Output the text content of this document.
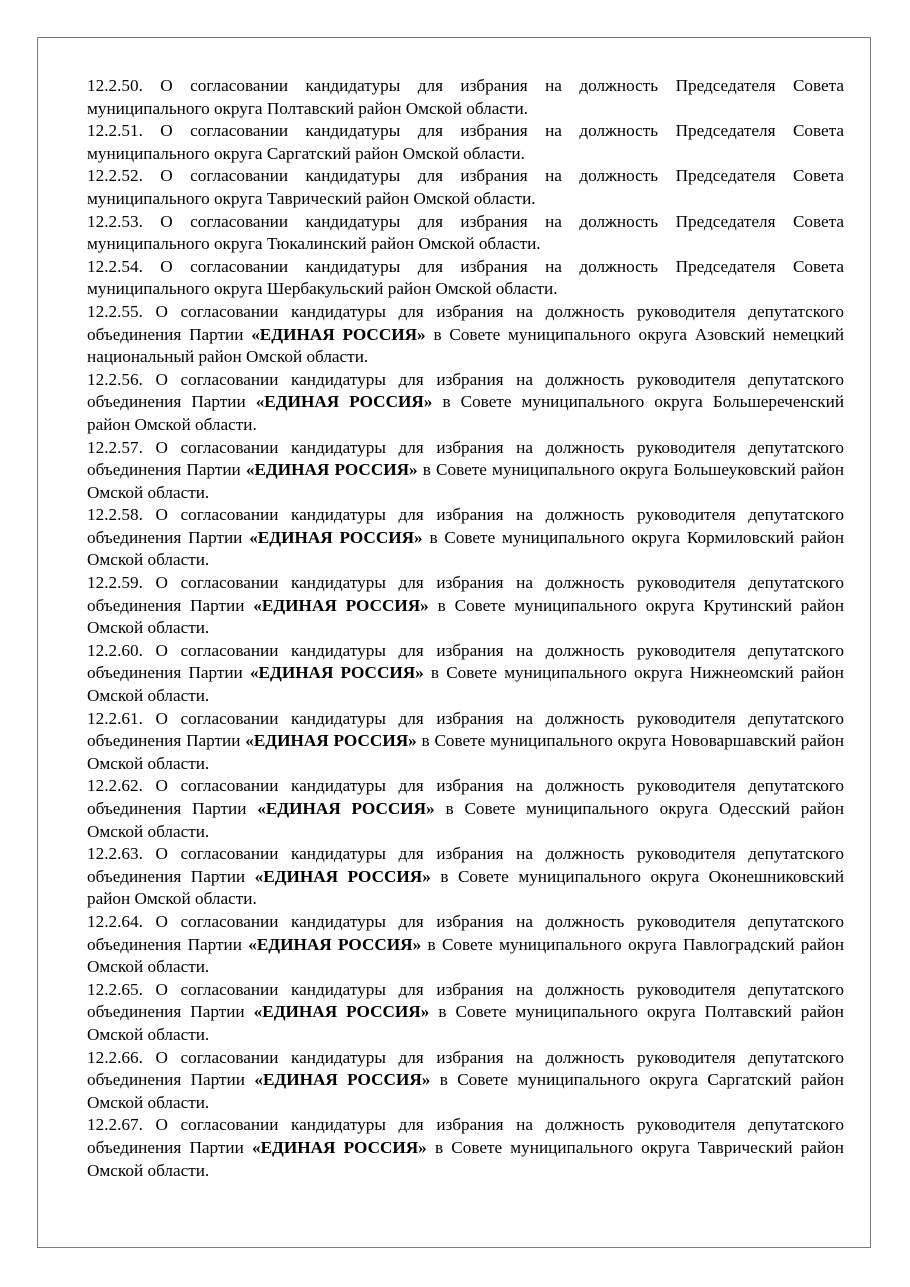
12.2.50. О согласовании кандидатуры для избрания на должность Председателя Совета муниципального округа Полтавский район Омской области.

12.2.51. О согласовании кандидатуры для избрания на должность Председателя Совета муниципального округа Саргатский район Омской области.

12.2.52. О согласовании кандидатуры для избрания на должность Председателя Совета муниципального округа Таврический район Омской области.

12.2.53. О согласовании кандидатуры для избрания на должность Председателя Совета муниципального округа Тюкалинский район Омской области.

12.2.54. О согласовании кандидатуры для избрания на должность Председателя Совета муниципального округа Шербакульский район Омской области.

12.2.55. О согласовании кандидатуры для избрания на должность руководителя депутатского объединения Партии «ЕДИНАЯ РОССИЯ» в Совете муниципального округа Азовский немецкий национальный район Омской области.

12.2.56. О согласовании кандидатуры для избрания на должность руководителя депутатского объединения Партии «ЕДИНАЯ РОССИЯ» в Совете муниципального округа Большереченский район Омской области.

12.2.57. О согласовании кандидатуры для избрания на должность руководителя депутатского объединения Партии «ЕДИНАЯ РОССИЯ» в Совете муниципального округа Большеуковский район Омской области.

12.2.58. О согласовании кандидатуры для избрания на должность руководителя депутатского объединения Партии «ЕДИНАЯ РОССИЯ» в Совете муниципального округа Кормиловский район Омской области.

12.2.59. О согласовании кандидатуры для избрания на должность руководителя депутатского объединения Партии «ЕДИНАЯ РОССИЯ» в Совете муниципального округа Крутинский район Омской области.

12.2.60. О согласовании кандидатуры для избрания на должность руководителя депутатского объединения Партии «ЕДИНАЯ РОССИЯ» в Совете муниципального округа Нижнеомский район Омской области.

12.2.61. О согласовании кандидатуры для избрания на должность руководителя депутатского объединения Партии «ЕДИНАЯ РОССИЯ» в Совете муниципального округа Нововаршавский район Омской области.

12.2.62. О согласовании кандидатуры для избрания на должность руководителя депутатского объединения Партии «ЕДИНАЯ РОССИЯ» в Совете муниципального округа Одесский район Омской области.

12.2.63. О согласовании кандидатуры для избрания на должность руководителя депутатского объединения Партии «ЕДИНАЯ РОССИЯ» в Совете муниципального округа Оконешниковский район Омской области.

12.2.64. О согласовании кандидатуры для избрания на должность руководителя депутатского объединения Партии «ЕДИНАЯ РОССИЯ» в Совете муниципального округа Павлоградский район Омской области.

12.2.65. О согласовании кандидатуры для избрания на должность руководителя депутатского объединения Партии «ЕДИНАЯ РОССИЯ» в Совете муниципального округа Полтавский район Омской области.

12.2.66. О согласовании кандидатуры для избрания на должность руководителя депутатского объединения Партии «ЕДИНАЯ РОССИЯ» в Совете муниципального округа Саргатский район Омской области.

12.2.67. О согласовании кандидатуры для избрания на должность руководителя депутатского объединения Партии «ЕДИНАЯ РОССИЯ» в Совете муниципального округа Таврический район Омской области.
